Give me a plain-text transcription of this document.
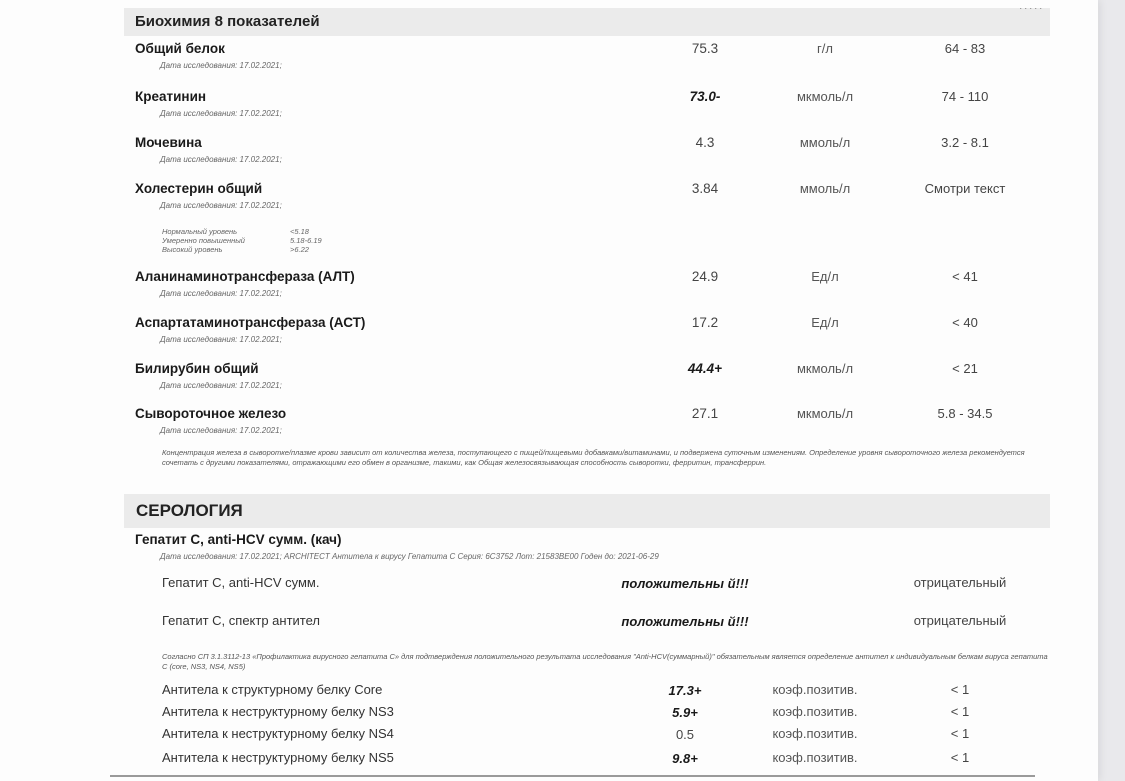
Биохимия 8 показателей
. . . . .
Общий белок
Дата исследования: 17.02.2021;
75.3	г/л	64 - 83
Креатинин
Дата исследования: 17.02.2021;
73.0-	мкмоль/л	74 - 110
Мочевина
Дата исследования: 17.02.2021;
4.3	ммоль/л	3.2 - 8.1
Холестерин общий
Дата исследования: 17.02.2021;
3.84	ммоль/л	Смотри текст
Нормальный уровень	<5.18
Умеренно повышенный	5.18-6.19
Высокий уровень	>6.22
Аланинаминотрансфераза (АЛТ)
Дата исследования: 17.02.2021;
24.9	Ед/л	< 41
Аспартатаминотрансфераза (АСТ)
Дата исследования: 17.02.2021;
17.2	Ед/л	< 40
Билирубин общий
Дата исследования: 17.02.2021;
44.4+	мкмоль/л	< 21
Сывороточное железо
Дата исследования: 17.02.2021;
27.1	мкмоль/л	5.8 - 34.5
Концентрация железа в сыворотке/плазме крови зависит от количества железа, поступающего с пищей/пищевыми добавками/витаминами, и подвержена суточным изменениям. Определение уровня сывороточного железа рекомендуется сочетать с другими показателями, отражающими его обмен в организме, такими, как Общая железосвязывающая способность сыворотки, ферритин, трансферрин.
СЕРОЛОГИЯ
Гепатит С, anti-HCV сумм. (кач)
Дата исследования: 17.02.2021; ARCHITECT Антитела к вирусу Гепатита С Серия: 6C3752 Лот: 21583BE00 Годен до: 2021-06-29
Гепатит С, anti-HCV сумм.	положительны й!!!	отрицательный
Гепатит С, спектр антител	положительны й!!!	отрицательный
Согласно СП 3.1.3112-13 «Профилактика вирусного гепатита С» для подтверждения положительного результата исследования "Anti-HCV(суммарный)" обязательным является определение антител к индивидуальным белкам вируса гепатита С (core, NS3, NS4, NS5)
Антитела к структурному белку Core	17.3+	коэф.позитив.	< 1
Антитела к неструктурному белку NS3	5.9+	коэф.позитив.	< 1
Антитела к неструктурному белку NS4	0.5	коэф.позитив.	< 1
Антитела к неструктурному белку NS5	9.8+	коэф.позитив.	< 1
